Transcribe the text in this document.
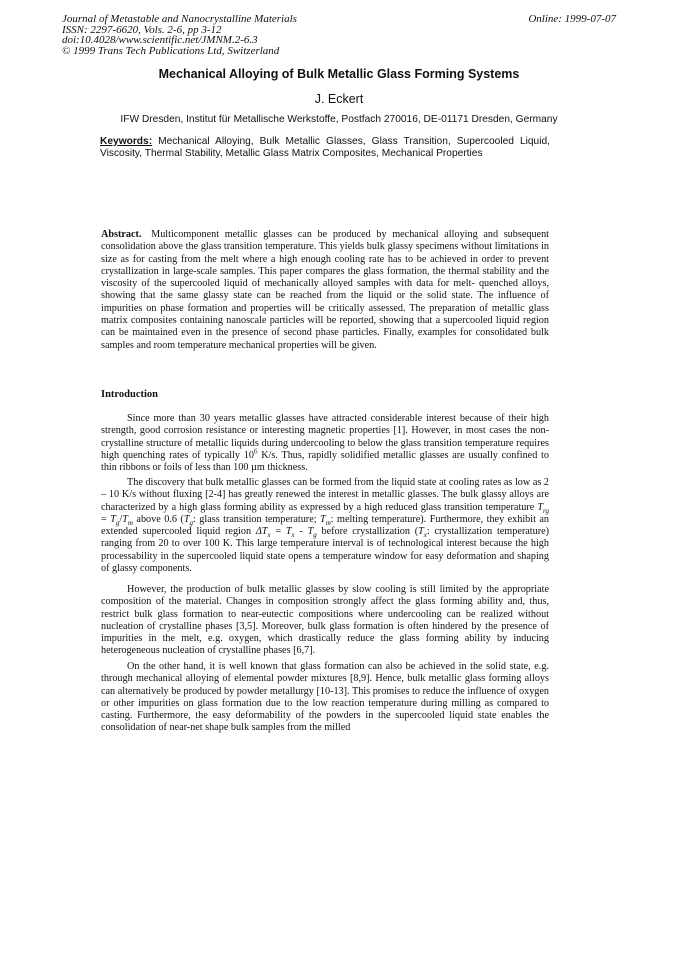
Journal of Metastable and Nanocrystalline Materials
ISSN: 2297-6620, Vols. 2-6, pp 3-12
doi:10.4028/www.scientific.net/JMNM.2-6.3
© 1999 Trans Tech Publications Ltd, Switzerland
Online: 1999-07-07
Mechanical Alloying of Bulk Metallic Glass Forming Systems
J. Eckert
IFW Dresden, Institut für Metallische Werkstoffe, Postfach 270016, DE-01171 Dresden, Germany
Keywords: Mechanical Alloying, Bulk Metallic Glasses, Glass Transition, Supercooled Liquid, Viscosity, Thermal Stability, Metallic Glass Matrix Composites, Mechanical Properties

Abstract. Multicomponent metallic glasses can be produced by mechanical alloying and subsequent consolidation above the glass transition temperature. This yields bulk glassy specimens without limitations in size as for casting from the melt where a high enough cooling rate has to be achieved in order to prevent crystallization in large-scale samples. This paper compares the glass formation, the thermal stability and the viscosity of the supercooled liquid of mechanically alloyed samples with data for melt- quenched alloys, showing that the same glassy state can be reached from the liquid or the solid state. The influence of impurities on phase formation and properties will be critically assessed. The preparation of metallic glass matrix composites containing nanoscale particles will be reported, showing that a supercooled liquid region can be maintained even in the presence of second phase particles. Finally, examples for consolidated bulk samples and room temperature mechanical properties will be given.

Introduction

Since more than 30 years metallic glasses have attracted considerable interest because of their high strength, good corrosion resistance or interesting magnetic properties [1]. However, in most cases the non-crystalline structure of metallic liquids during undercooling to below the glass transition temperature requires high quenching rates of typically $10^6$ K/s. Thus, rapidly solidified metallic glasses are usually confined to thin ribbons or foils of less than 100 µm thickness.

The discovery that bulk metallic glasses can be formed from the liquid state at cooling rates as low as 2 – 10 K/s without fluxing [2-4] has greatly renewed the interest in metallic glasses. The bulk glassy alloys are characterized by a high glass forming ability as expressed by a high reduced glass transition temperature $T_{rg} = T_g/T_m$ above 0.6 ($T_g$: glass transition temperature; $T_m$: melting temperature). Furthermore, they exhibit an extended supercooled liquid region $\Delta T_x = T_x - T_g$ before crystallization ($T_x$: crystallization temperature) ranging from 20 to over 100 K. This large temperature interval is of technological interest because the high processability in the supercooled liquid state opens a temperature window for easy deformation and shaping of glassy components.

However, the production of bulk metallic glasses by slow cooling is still limited by the appropriate composition of the material. Changes in composition strongly affect the glass forming ability and, thus, restrict bulk glass formation to near-eutectic compositions where undercooling can be realized without nucleation of crystalline phases [3,5]. Moreover, bulk glass formation is often hindered by the presence of impurities in the melt, e.g. oxygen, which drastically reduce the glass forming ability by inducing heterogeneous nucleation of crystalline phases [6,7].

On the other hand, it is well known that glass formation can also be achieved in the solid state, e.g. through mechanical alloying of elemental powder mixtures [8,9]. Hence, bulk metallic glass forming alloys can alternatively be produced by powder metallurgy [10-13]. This promises to reduce the influence of oxygen or other impurities on glass formation due to the low reaction temperature during milling as compared to casting. Furthermore, the easy deformability of the powders in the supercooled liquid state enables the consolidation of near-net shape bulk samples from the milled
